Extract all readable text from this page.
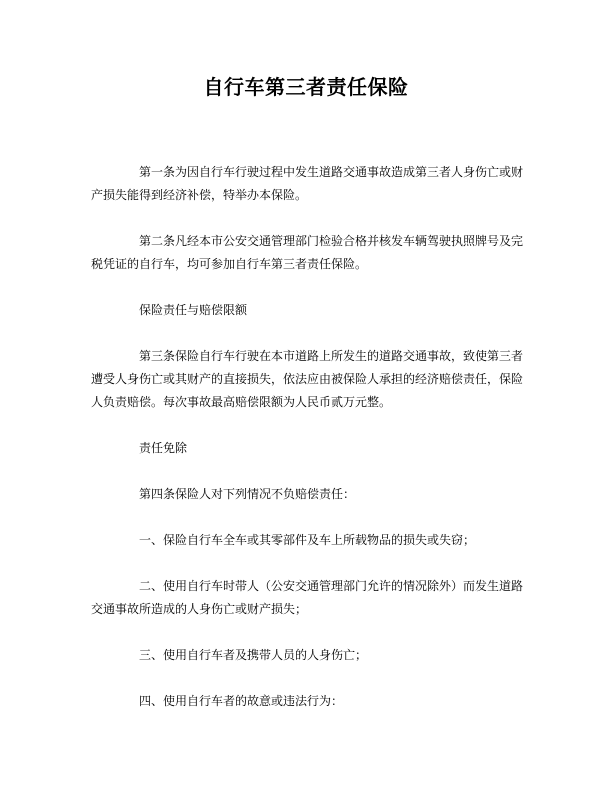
自行车第三者责任保险

第一条为因自行车行驶过程中发生道路交通事故造成第三者人身伤亡或财产损失能得到经济补偿，特举办本保险。

第二条凡经本市公安交通管理部门检验合格并核发车辆驾驶执照牌号及完税凭证的自行车，均可参加自行车第三者责任保险。

保险责任与赔偿限额

第三条保险自行车行驶在本市道路上所发生的道路交通事故，致使第三者遭受人身伤亡或其财产的直接损失，依法应由被保险人承担的经济赔偿责任，保险人负责赔偿。每次事故最高赔偿限额为人民币贰万元整。

责任免除

第四条保险人对下列情况不负赔偿责任：

一、保险自行车全车或其零部件及车上所载物品的损失或失窃；

二、使用自行车时带人（公安交通管理部门允许的情况除外）而发生道路交通事故所造成的人身伤亡或财产损失；

三、使用自行车者及携带人员的人身伤亡；

四、使用自行车者的故意或违法行为：
